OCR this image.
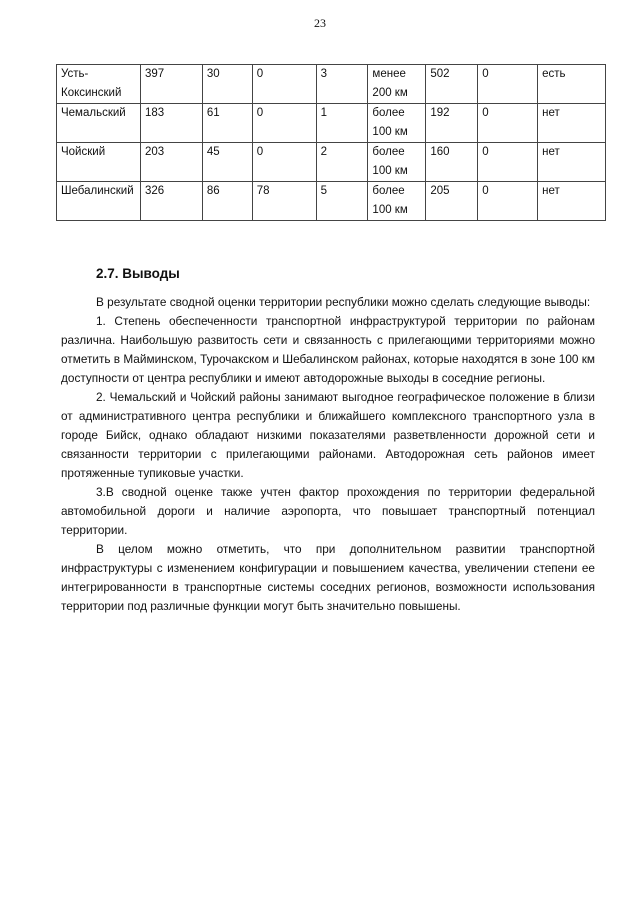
23
Усть-Коксинский	397	30	0	3	менее 200 км	502	0	есть
Чемальский	183	61	0	1	более 100 км	192	0	нет
Чойский	203	45	0	2	более 100 км	160	0	нет
Шебалинский	326	86	78	5	более 100 км	205	0	нет
2.7. Выводы

В результате сводной оценки территории республики можно сделать следующие выводы:

1. Степень обеспеченности транспортной инфраструктурой территории по районам различна. Наибольшую развитость сети и связанность с прилегающими территориями можно отметить в Майминском, Турочакском и Шебалинском районах, которые находятся в зоне 100 км доступности от центра республики и имеют автодорожные выходы в соседние регионы.

2. Чемальский и Чойский районы занимают выгодное географическое положение в близи от административного центра республики и ближайшего комплексного транспортного узла в городе Бийск, однако обладают низкими показателями разветвленности дорожной сети и связанности территории с прилегающими районами. Автодорожная сеть районов имеет протяженные тупиковые участки.

3.В сводной оценке также учтен фактор прохождения по территории федеральной автомобильной дороги и наличие аэропорта, что повышает транспортный потенциал территории.

В целом можно отметить, что при дополнительном развитии транспортной инфраструктуры с изменением конфигурации и повышением качества, увеличении степени ее интегрированности в транспортные системы соседних регионов, возможности использования территории под различные функции могут быть значительно повышены.
